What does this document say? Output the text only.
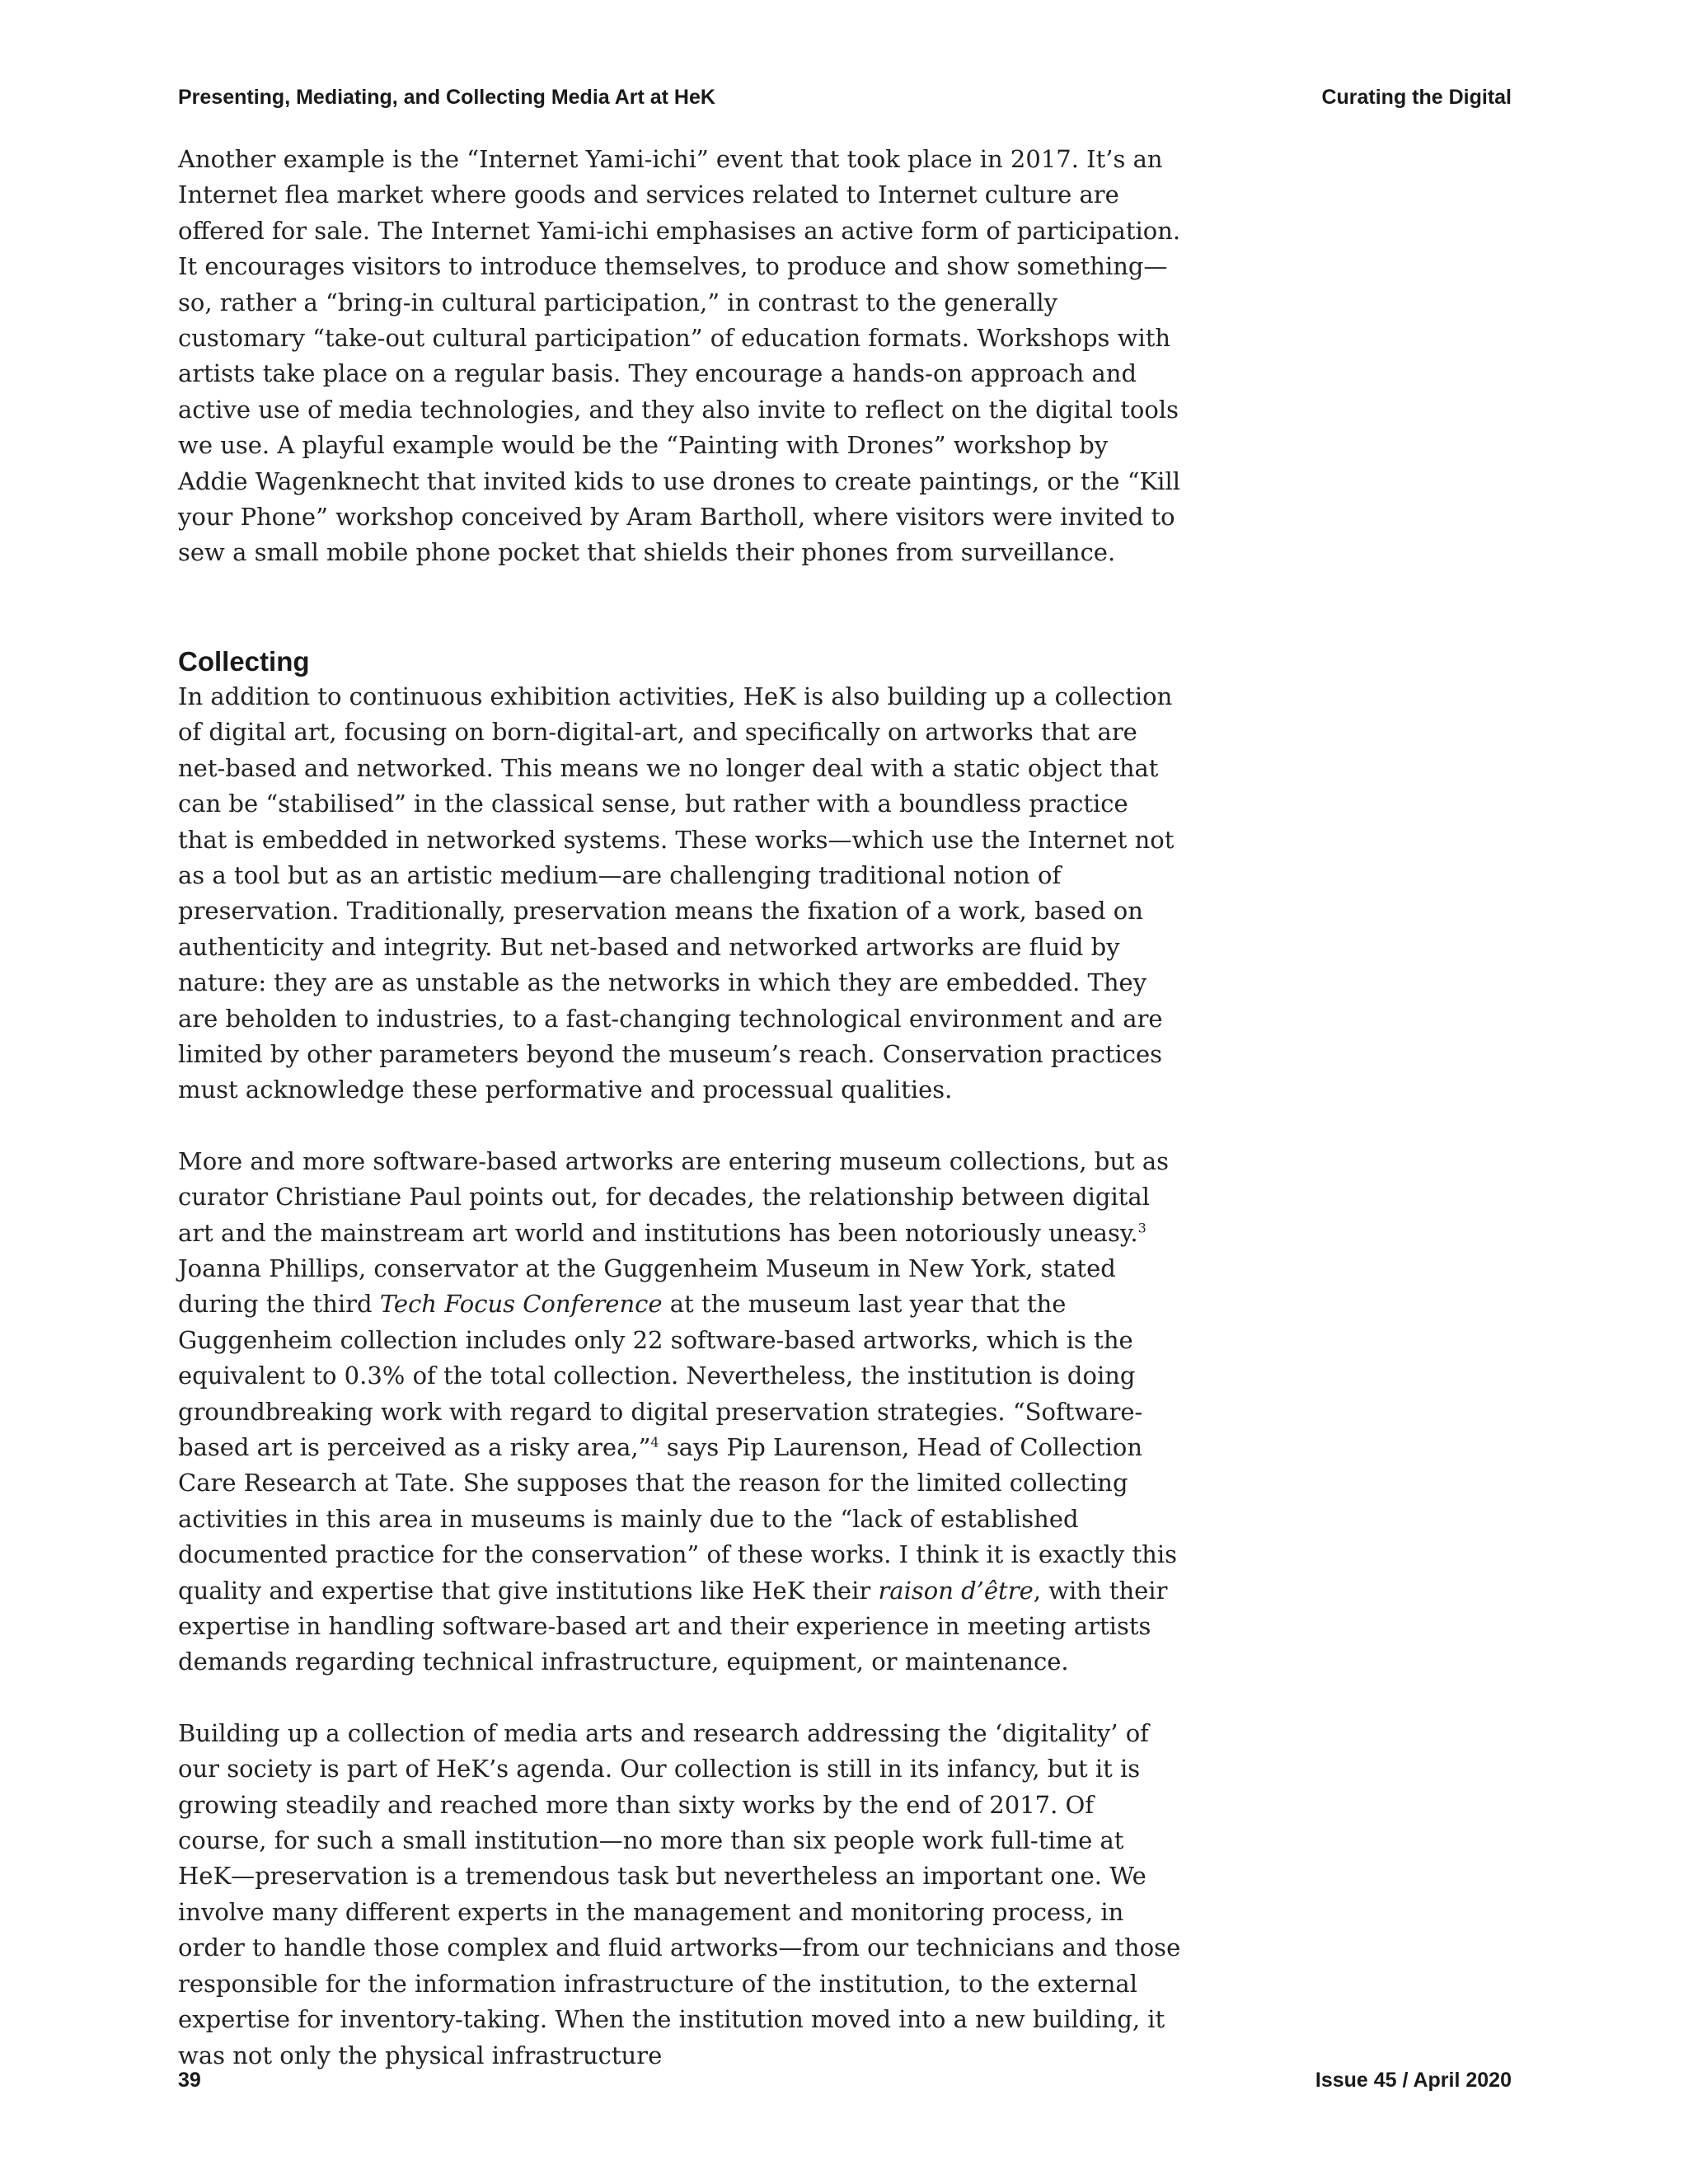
Presenting, Mediating, and Collecting Media Art at HeK	Curating the Digital

Another example is the “Internet Yami-ichi” event that took place in 2017. It’s an Internet flea market where goods and services related to Internet culture are offered for sale. The Internet Yami-ichi emphasises an active form of participation. It encourages visitors to introduce themselves, to produce and show something—so, rather a “bring-in cultural participation,” in contrast to the generally customary “take-out cultural participation” of education formats. Workshops with artists take place on a regular basis. They encourage a hands-on approach and active use of media technologies, and they also invite to reflect on the digital tools we use. A playful example would be the “Painting with Drones” workshop by Addie Wagenknecht that invited kids to use drones to create paintings, or the “Kill your Phone” workshop conceived by Aram Bartholl, where visitors were invited to sew a small mobile phone pocket that shields their phones from surveillance.

Collecting

In addition to continuous exhibition activities, HeK is also building up a collection of digital art, focusing on born-digital-art, and specifically on artworks that are net-based and networked. This means we no longer deal with a static object that can be “stabilised” in the classical sense, but rather with a boundless practice that is embedded in networked systems. These works—which use the Internet not as a tool but as an artistic medium—are challenging traditional notion of preservation. Traditionally, preservation means the fixation of a work, based on authenticity and integrity. But net-based and networked artworks are fluid by nature: they are as unstable as the networks in which they are embedded. They are beholden to industries, to a fast-changing technological environment and are limited by other parameters beyond the museum’s reach. Conservation practices must acknowledge these performative and processual qualities.

More and more software-based artworks are entering museum collections, but as curator Christiane Paul points out, for decades, the relationship between digital art and the mainstream art world and institutions has been notoriously uneasy.$^3$ Joanna Phillips, conservator at the Guggenheim Museum in New York, stated during the third Tech Focus Conference at the museum last year that the Guggenheim collection includes only 22 software-based artworks, which is the equivalent to 0.3% of the total collection. Nevertheless, the institution is doing groundbreaking work with regard to digital preservation strategies. “Software-based art is perceived as a risky area,”$^4$ says Pip Laurenson, Head of Collection Care Research at Tate. She supposes that the reason for the limited collecting activities in this area in museums is mainly due to the “lack of established documented practice for the conservation” of these works. I think it is exactly this quality and expertise that give institutions like HeK their raison d’être, with their expertise in handling software-based art and their experience in meeting artists demands regarding technical infrastructure, equipment, or maintenance.

Building up a collection of media arts and research addressing the ‘digitality’ of our society is part of HeK’s agenda. Our collection is still in its infancy, but it is growing steadily and reached more than sixty works by the end of 2017. Of course, for such a small institution—no more than six people work full-time at HeK—preservation is a tremendous task but nevertheless an important one. We involve many different experts in the management and monitoring process, in order to handle those complex and fluid artworks—from our technicians and those responsible for the information infrastructure of the institution, to the external expertise for inventory-taking. When the institution moved into a new building, it was not only the physical infrastructure

39	Issue 45 / April 2020
